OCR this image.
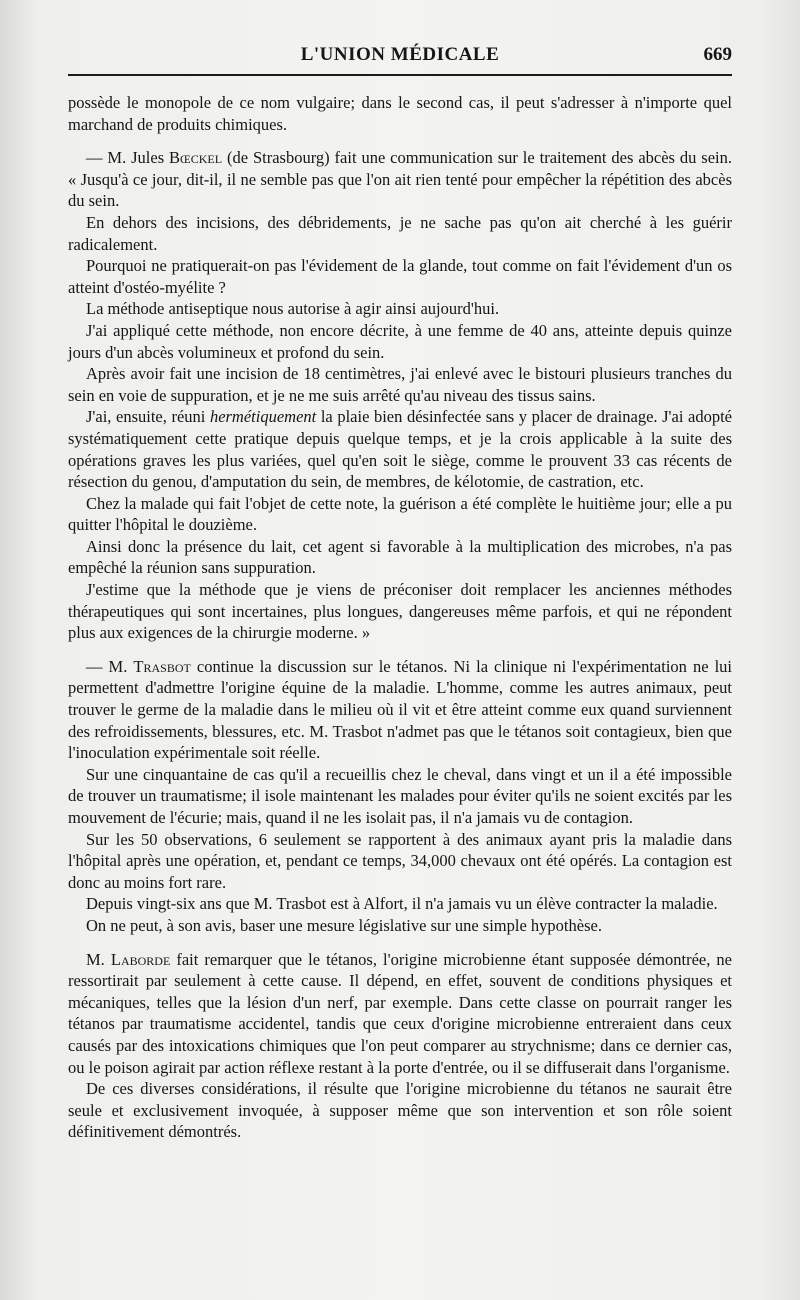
L'UNION MÉDICALE	669

possède le monopole de ce nom vulgaire; dans le second cas, il peut s'adresser à n'importe quel marchand de produits chimiques.

— M. Jules Bœckel (de Strasbourg) fait une communication sur le traitement des abcès du sein. « Jusqu'à ce jour, dit-il, il ne semble pas que l'on ait rien tenté pour empêcher la répétition des abcès du sein.

En dehors des incisions, des débridements, je ne sache pas qu'on ait cherché à les guérir radicalement.

Pourquoi ne pratiquerait-on pas l'évidement de la glande, tout comme on fait l'évidement d'un os atteint d'ostéo-myélite ?

La méthode antiseptique nous autorise à agir ainsi aujourd'hui.

J'ai appliqué cette méthode, non encore décrite, à une femme de 40 ans, atteinte depuis quinze jours d'un abcès volumineux et profond du sein.

Après avoir fait une incision de 18 centimètres, j'ai enlevé avec le bistouri plusieurs tranches du sein en voie de suppuration, et je ne me suis arrêté qu'au niveau des tissus sains.

J'ai, ensuite, réuni hermétiquement la plaie bien désinfectée sans y placer de drainage. J'ai adopté systématiquement cette pratique depuis quelque temps, et je la crois applicable à la suite des opérations graves les plus variées, quel qu'en soit le siège, comme le prouvent 33 cas récents de résection du genou, d'amputation du sein, de membres, de kélotomie, de castration, etc.

Chez la malade qui fait l'objet de cette note, la guérison a été complète le huitième jour; elle a pu quitter l'hôpital le douzième.

Ainsi donc la présence du lait, cet agent si favorable à la multiplication des microbes, n'a pas empêché la réunion sans suppuration.

J'estime que la méthode que je viens de préconiser doit remplacer les anciennes méthodes thérapeutiques qui sont incertaines, plus longues, dangereuses même parfois, et qui ne répondent plus aux exigences de la chirurgie moderne. »

— M. Trasbot continue la discussion sur le tétanos. Ni la clinique ni l'expérimentation ne lui permettent d'admettre l'origine équine de la maladie. L'homme, comme les autres animaux, peut trouver le germe de la maladie dans le milieu où il vit et être atteint comme eux quand surviennent des refroidissements, blessures, etc. M. Trasbot n'admet pas que le tétanos soit contagieux, bien que l'inoculation expérimentale soit réelle.

Sur une cinquantaine de cas qu'il a recueillis chez le cheval, dans vingt et un il a été impossible de trouver un traumatisme; il isole maintenant les malades pour éviter qu'ils ne soient excités par les mouvement de l'écurie; mais, quand il ne les isolait pas, il n'a jamais vu de contagion.

Sur les 50 observations, 6 seulement se rapportent à des animaux ayant pris la maladie dans l'hôpital après une opération, et, pendant ce temps, 34,000 chevaux ont été opérés. La contagion est donc au moins fort rare.

Depuis vingt-six ans que M. Trasbot est à Alfort, il n'a jamais vu un élève contracter la maladie.

On ne peut, à son avis, baser une mesure législative sur une simple hypothèse.

M. Laborde fait remarquer que le tétanos, l'origine microbienne étant supposée démontrée, ne ressortirait par seulement à cette cause. Il dépend, en effet, souvent de conditions physiques et mécaniques, telles que la lésion d'un nerf, par exemple. Dans cette classe on pourrait ranger les tétanos par traumatisme accidentel, tandis que ceux d'origine microbienne entreraient dans ceux causés par des intoxications chimiques que l'on peut comparer au strychnisme; dans ce dernier cas, ou le poison agirait par action réflexe restant à la porte d'entrée, ou il se diffuserait dans l'organisme.

De ces diverses considérations, il résulte que l'origine microbienne du tétanos ne saurait être seule et exclusivement invoquée, à supposer même que son intervention et son rôle soient définitivement démontrés.
